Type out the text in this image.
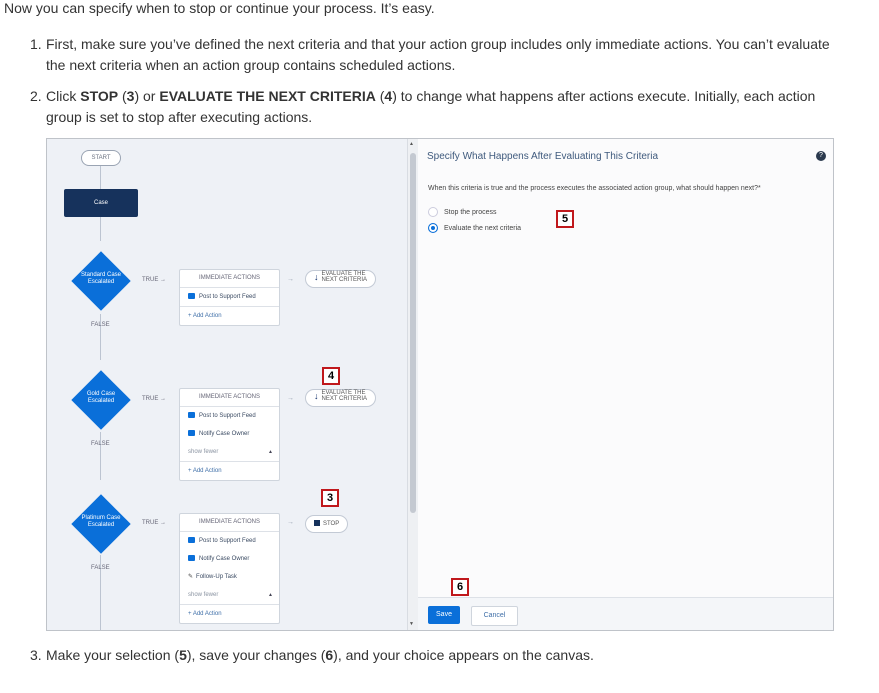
Now you can specify when to stop or continue your process. It’s easy.
1. First, make sure you’ve defined the next criteria and that your action group includes only immediate actions. You can’t evaluate
the next criteria when an action group contains scheduled actions.
2. Click STOP (3) or EVALUATE THE NEXT CRITERIA (4) to change what happens after actions execute. Initially, each action
group is set to stop after executing actions.
START
Case
Standard Case
Escalated	TRUE →
FALSE
IMMEDIATE ACTIONS
Post to Support Feed
+ Add Action
→	↓ EVALUATE THE
NEXT CRITERIA
Gold Case
Escalated	TRUE →
FALSE
IMMEDIATE ACTIONS
Post to Support Feed
Notify Case Owner
show fewer	▲
+ Add Action
→	↓ EVALUATE THE
NEXT CRITERIA
4
Platinum Case
Escalated	TRUE →
FALSE
IMMEDIATE ACTIONS
Post to Support Feed
Notify Case Owner
✎ Follow-Up Task
show fewer	▲
+ Add Action
→	STOP
3
▲
▼
Specify What Happens After Evaluating This Criteria	?
When this criteria is true and the process executes the associated action group, what should happen next?*
Stop the process
Evaluate the next criteria
5
6
Save	Cancel
3. Make your selection (5), save your changes (6), and your choice appears on the canvas.
